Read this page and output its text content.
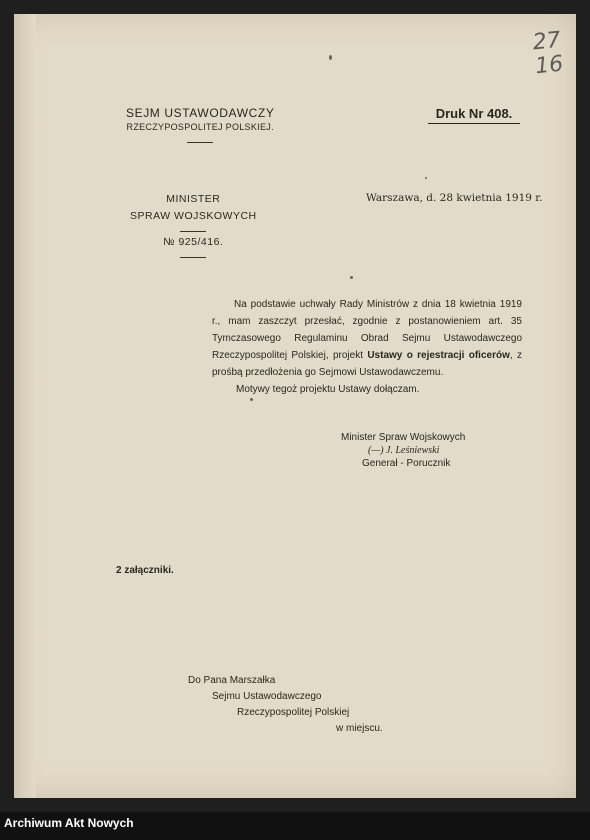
27
16
SEJM USTAWODAWCZY
RZECZYPOSPOLITEJ POLSKIEJ.
Druk Nr 408.
MINISTER
SPRAW WOJSKOWYCH
№ 925/416.
Warszawa, d. 28 kwietnia 1919 r.

Na podstawie uchwały Rady Ministrów z dnia 18 kwietnia 1919 r., mam zaszczyt przesłać, zgodnie z postanowieniem art. 35 Tymczasowego Regulaminu Obrad Sejmu Ustawodawczego Rzeczypospolitej Polskiej, projekt Ustawy o rejestracji oficerów, z prośbą przedłożenia go Sejmowi Ustawodawczemu.

Motywy tegoż projektu Ustawy dołączam.

Minister Spraw Wojskowych
(—) J. Leśniewski
Generał - Porucznik
2 załączniki.
Do Pana Marszałka
Sejmu Ustawodawczego
Rzeczypospolitej Polskiej
w miejscu.
Archiwum Akt Nowych
